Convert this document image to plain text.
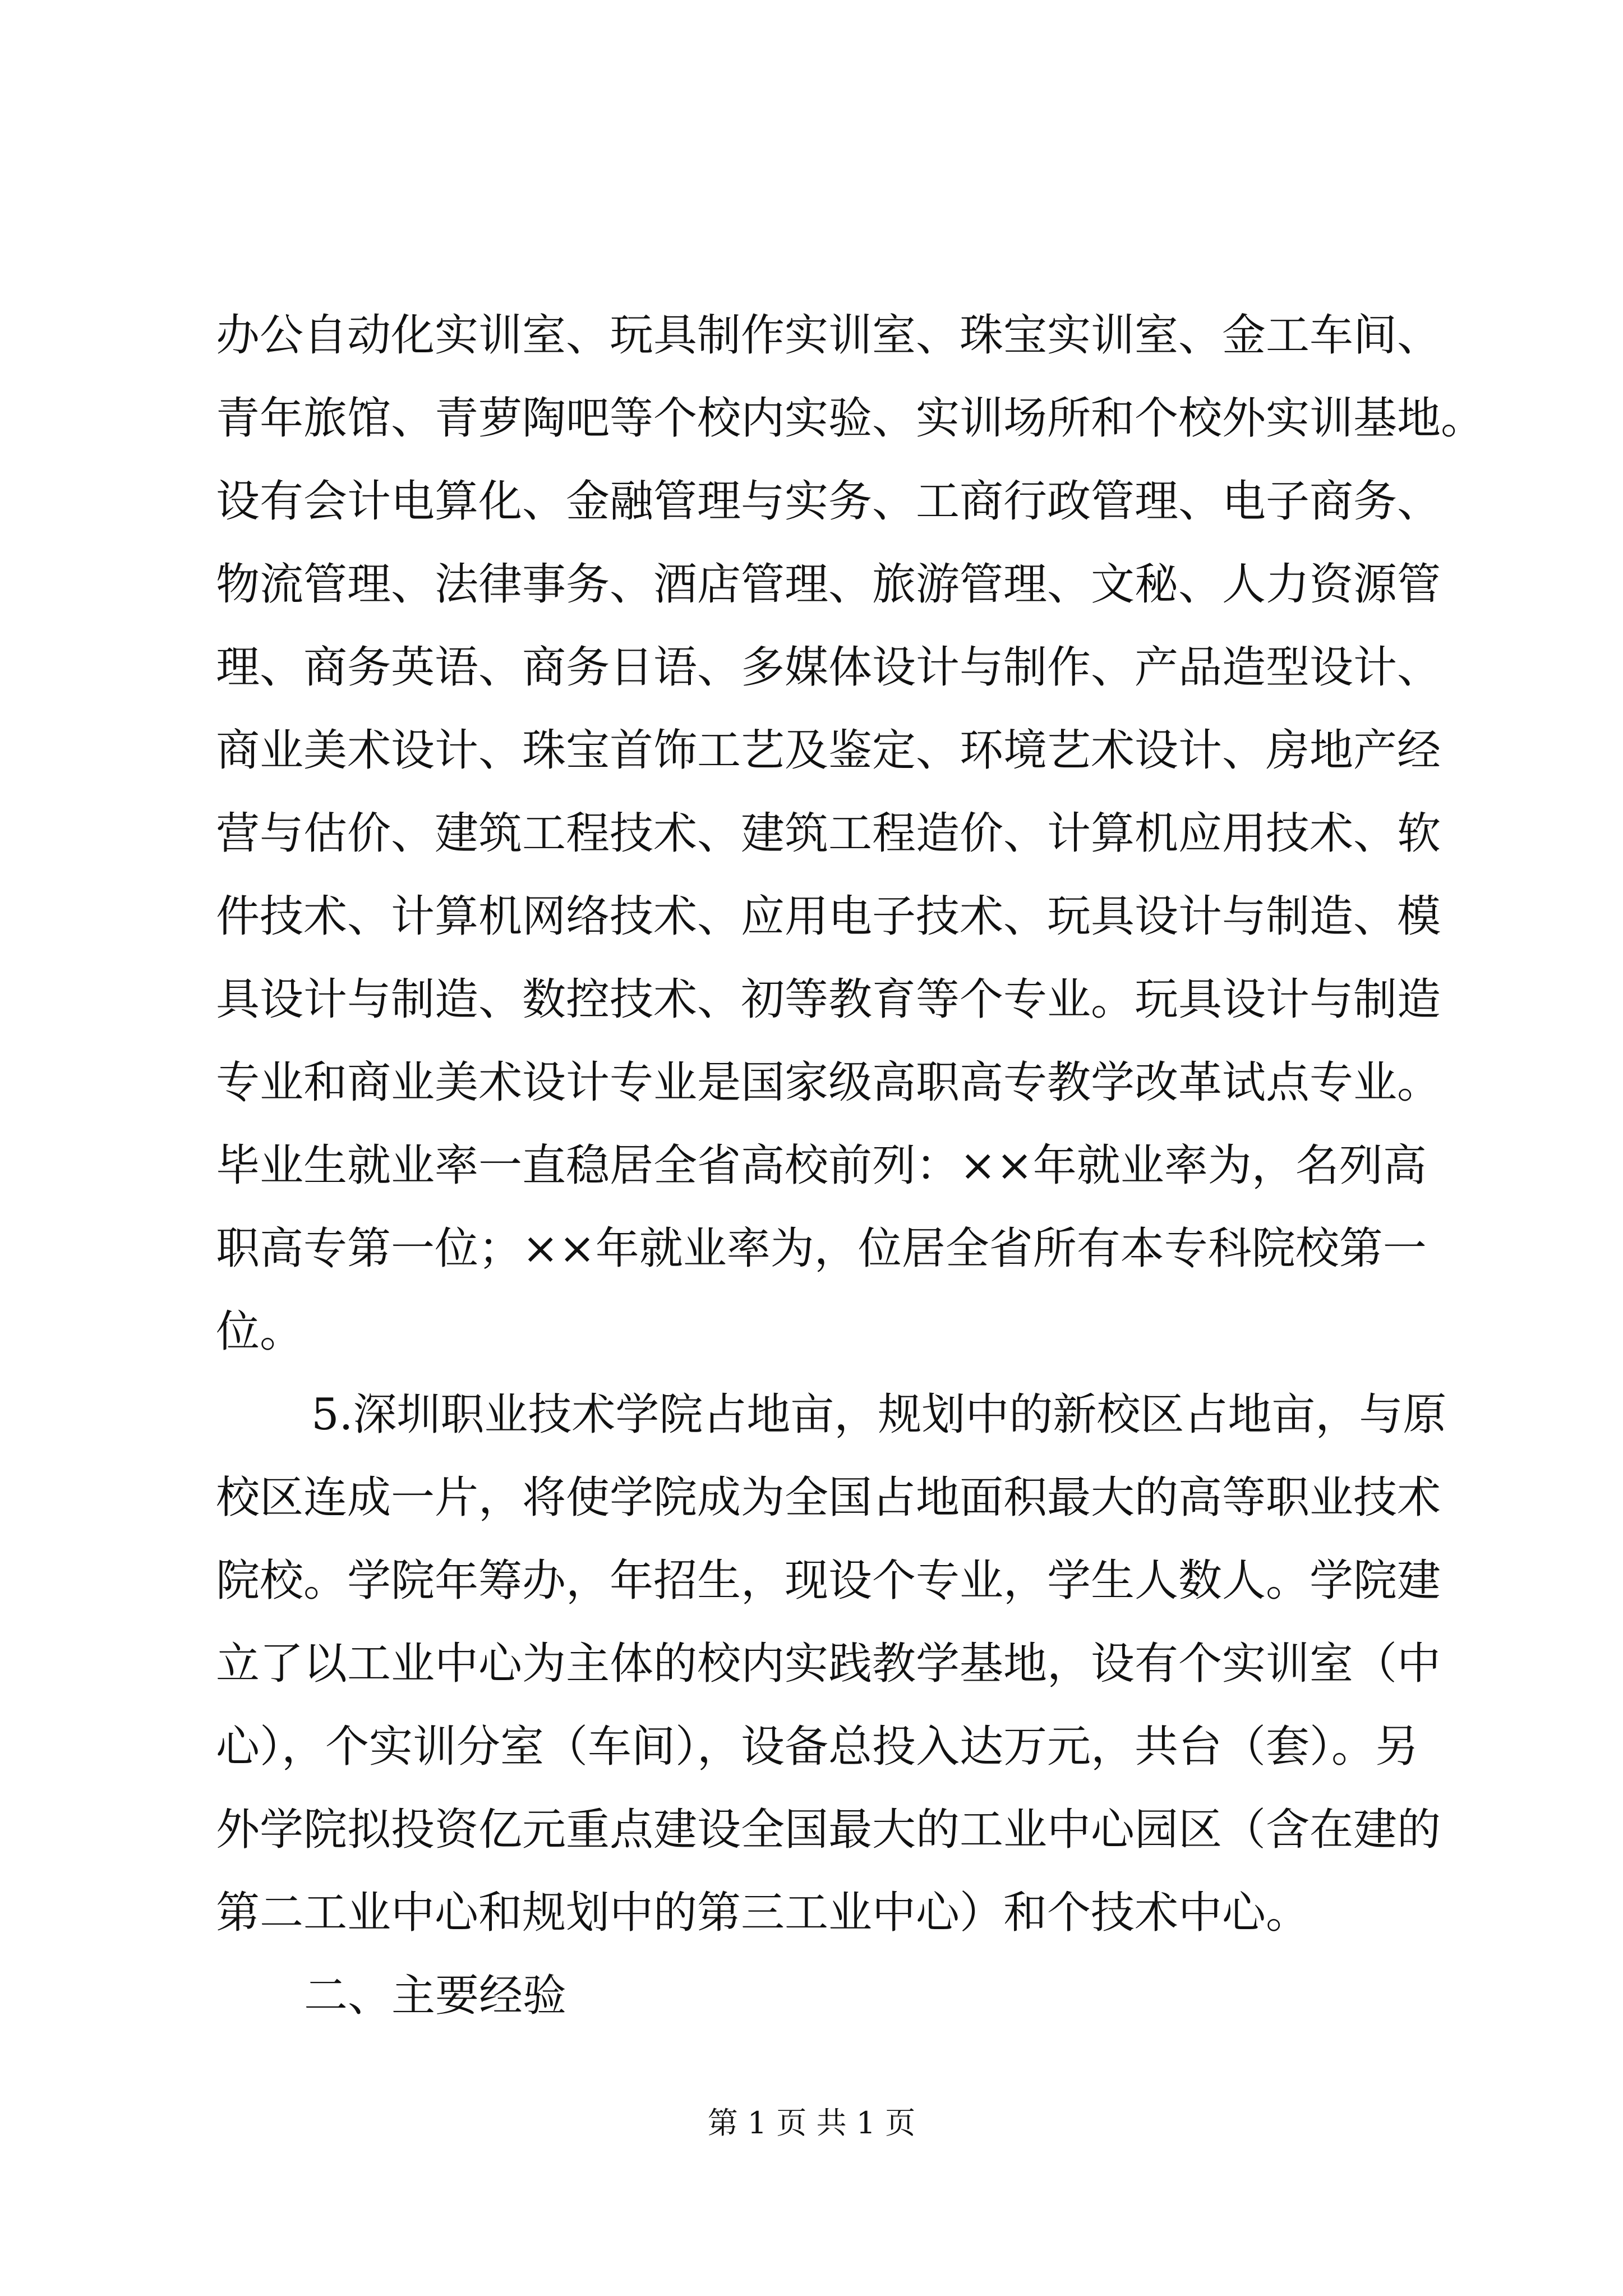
办公自动化实训室、玩具制作实训室、珠宝实训室、金工车间、
青年旅馆、青萝陶吧等个校内实验、实训场所和个校外实训基地。
设有会计电算化、金融管理与实务、工商行政管理、电子商务、
物流管理、法律事务、酒店管理、旅游管理、文秘、人力资源管
理、商务英语、商务日语、多媒体设计与制作、产品造型设计、
商业美术设计、珠宝首饰工艺及鉴定、环境艺术设计、房地产经
营与估价、建筑工程技术、建筑工程造价、计算机应用技术、软
件技术、计算机网络技术、应用电子技术、玩具设计与制造、模
具设计与制造、数控技术、初等教育等个专业。玩具设计与制造
专业和商业美术设计专业是国家级高职高专教学改革试点专业。
毕业生就业率一直稳居全省高校前列：××年就业率为，名列高
职高专第一位；××年就业率为，位居全省所有本专科院校第一
位。
5.深圳职业技术学院占地亩，规划中的新校区占地亩，与原
校区连成一片，将使学院成为全国占地面积最大的高等职业技术
院校。学院年筹办，年招生，现设个专业，学生人数人。学院建
立了以工业中心为主体的校内实践教学基地，设有个实训室（中
心），个实训分室（车间），设备总投入达万元，共台（套）。另
外学院拟投资亿元重点建设全国最大的工业中心园区（含在建的
第二工业中心和规划中的第三工业中心）和个技术中心。
二、主要经验
第 1 页 共 1 页
